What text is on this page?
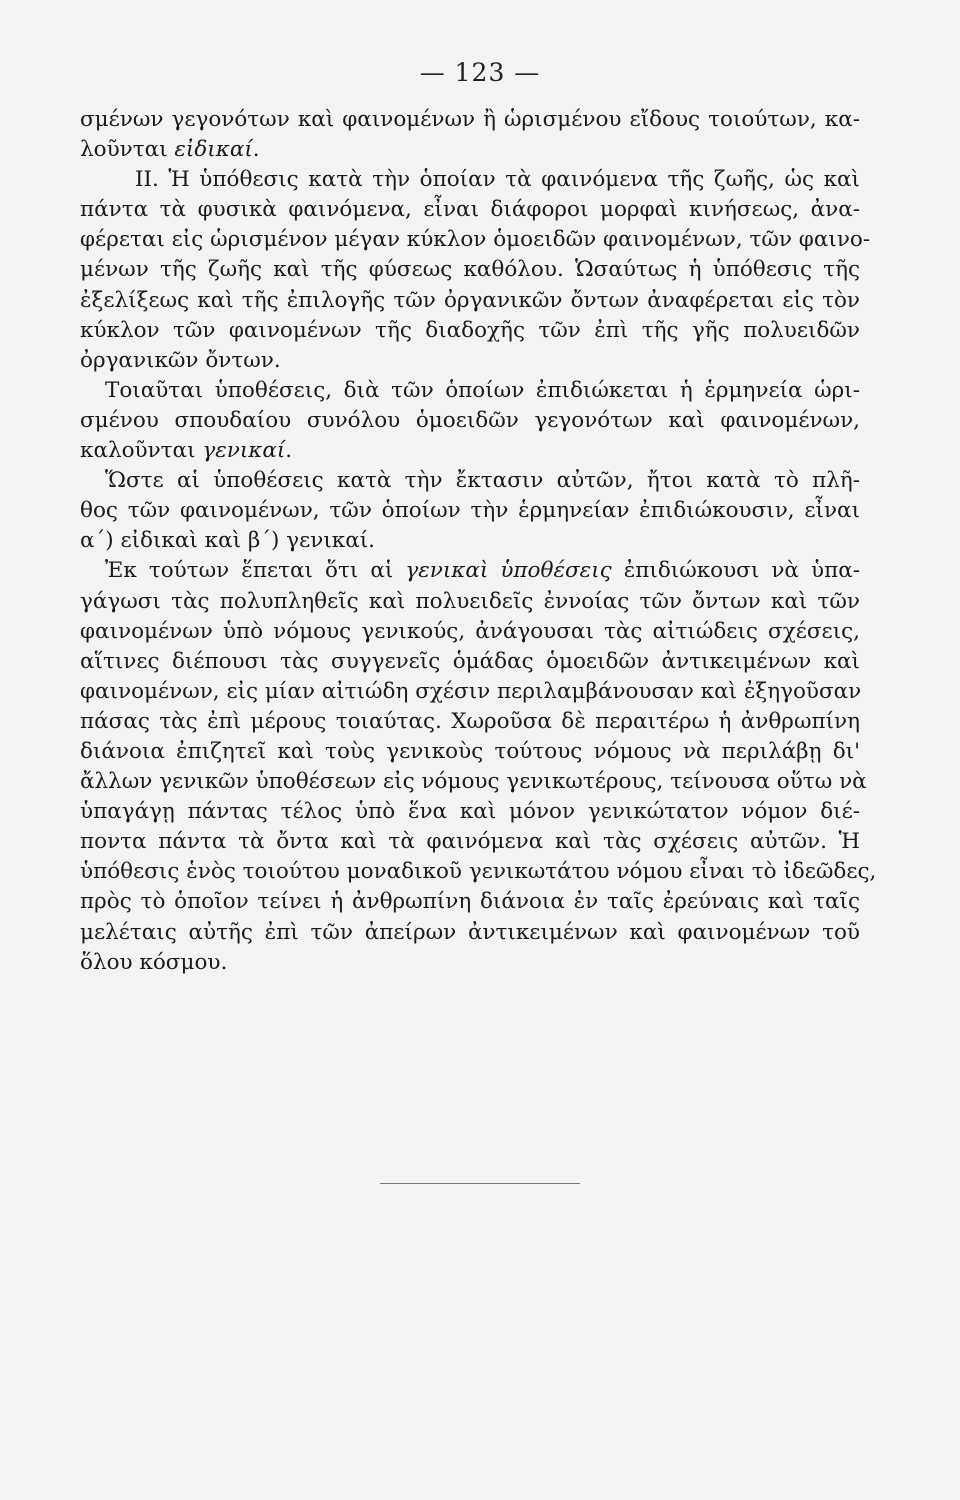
— 123 —
σμένων γεγονότων καὶ φαινομένων ἢ ὡρισμένου εἴδους τοιούτων, κα-
λοῦνται εἰδικαί.
II. Ἡ ὑπόθεσις κατὰ τὴν ὁποίαν τὰ φαινόμενα τῆς ζωῆς, ὡς καὶ
πάντα τὰ φυσικὰ φαινόμενα, εἶναι διάφοροι μορφαὶ κινήσεως, ἀνα-
φέρεται εἰς ὡρισμένον μέγαν κύκλον ὁμοειδῶν φαινομένων, τῶν φαινο-
μένων τῆς ζωῆς καὶ τῆς φύσεως καθόλου. Ὡσαύτως ἡ ὑπόθεσις τῆς
ἐξελίξεως καὶ τῆς ἐπιλογῆς τῶν ὀργανικῶν ὄντων ἀναφέρεται εἰς τὸν
κύκλον τῶν φαινομένων τῆς διαδοχῆς τῶν ἐπὶ τῆς γῆς πολυειδῶν
ὀργανικῶν ὄντων.
Τοιαῦται ὑποθέσεις, διὰ τῶν ὁποίων ἐπιδιώκεται ἡ ἑρμηνεία ὡρι-
σμένου σπουδαίου συνόλου ὁμοειδῶν γεγονότων καὶ φαινομένων,
καλοῦνται γενικαί.
Ὥστε αἱ ὑποθέσεις κατὰ τὴν ἔκτασιν αὐτῶν, ἤτοι κατὰ τὸ πλῆ-
θος τῶν φαινομένων, τῶν ὁποίων τὴν ἑρμηνείαν ἐπιδιώκουσιν, εἶναι
α΄) εἰδικαὶ καὶ β΄) γενικαί.
Ἐκ τούτων ἕπεται ὅτι αἱ γενικαὶ ὑποθέσεις ἐπιδιώκουσι νὰ ὑπα-
γάγωσι τὰς πολυπληθεῖς καὶ πολυειδεῖς ἐννοίας τῶν ὄντων καὶ τῶν
φαινομένων ὑπὸ νόμους γενικούς, ἀνάγουσαι τὰς αἰτιώδεις σχέσεις,
αἵτινες διέπουσι τὰς συγγενεῖς ὁμάδας ὁμοειδῶν ἀντικειμένων καὶ
φαινομένων, εἰς μίαν αἰτιώδη σχέσιν περιλαμβάνουσαν καὶ ἐξηγοῦσαν
πάσας τὰς ἐπὶ μέρους τοιαύτας. Χωροῦσα δὲ περαιτέρω ἡ ἀνθρωπίνη
διάνοια ἐπιζητεῖ καὶ τοὺς γενικοὺς τούτους νόμους νὰ περιλάβῃ δι'
ἄλλων γενικῶν ὑποθέσεων εἰς νόμους γενικωτέρους, τείνουσα οὕτω νὰ
ὑπαγάγῃ πάντας τέλος ὑπὸ ἕνα καὶ μόνον γενικώτατον νόμον διέ-
ποντα πάντα τὰ ὄντα καὶ τὰ φαινόμενα καὶ τὰς σχέσεις αὐτῶν. Ἡ
ὑπόθεσις ἑνὸς τοιούτου μοναδικοῦ γενικωτάτου νόμου εἶναι τὸ ἰδεῶδες,
πρὸς τὸ ὁποῖον τείνει ἡ ἀνθρωπίνη διάνοια ἐν ταῖς ἐρεύναις καὶ ταῖς
μελέταις αὐτῆς ἐπὶ τῶν ἀπείρων ἀντικειμένων καὶ φαινομένων τοῦ
ὅλου κόσμου.
